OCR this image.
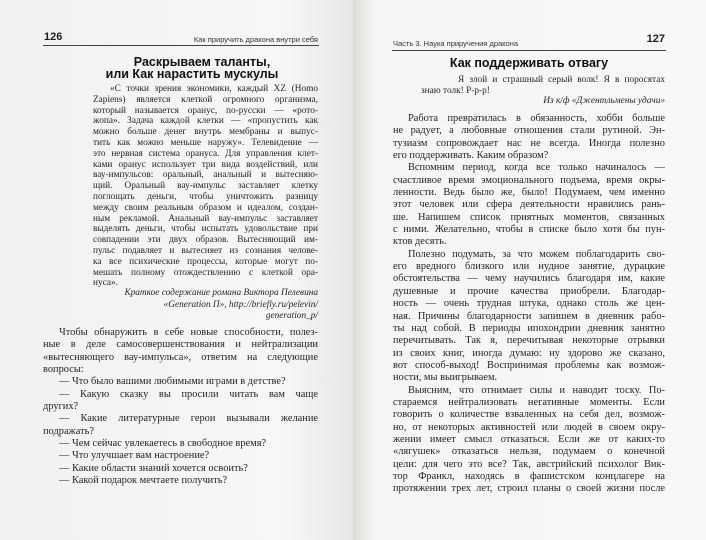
126	Как приручить дракона внутри себя
Раскрываем таланты,
или Как нарастить мускулы
«С точки зрения экономики, каждый XZ (Homo
Zapiens) является клеткой огромного организма,
который называется оранус, по-русски — «рото-
жопа». Задача каждой клетки — «пропустить как
можно больше денег внутрь мембраны и выпус-
тить как можно меньше наружу». Телевидение —
это нервная система орануса. Для управления клет-
ками оранус использует три вида воздействий, или
вау-импульсов: оральный, анальный и вытесняю-
щий. Оральный вау-импульс заставляет клетку
поглощать деньги, чтобы уничтожить разницу
между своим реальным образом и идеалом, создан-
ным рекламой. Анальный вау-импульс заставляет
выделять деньги, чтобы испытать удовольствие при
совпадении эти двух образов. Вытесняющий им-
пульс подавляет и вытесняет из сознания челове-
ка все психические процессы, которые могут по-
мешать полному отождествлению с клеткой ора-
нуса».
Краткое содержание романа Виктора Пелевина
«Generation П», http://briefly.ru/pelevin/
generation_p/
Чтобы обнаружить в себе новые способности, полез-
ные в деле самосовершенствования и нейтрализации
«вытесняющего вау-импульса», ответим на следующие
вопросы:
— Что было вашими любимыми играми в детстве?
— Какую сказку вы просили читать вам чаще
других?
— Какие литературные герои вызывали желание
подражать?
— Чем сейчас увлекаетесь в свободное время?
— Что улучшает вам настроение?
— Какие области знаний хочется освоить?
— Какой подарок мечтаете получить?
Часть 3. Наука приручения дракона	127
Как поддерживать отвагу
Я злой и страшный серый волк! Я в поросятах
знаю толк! Р-р-р!
Из к/ф «Джентльмены удачи»
Работа превратилась в обязанность, хобби больше
не радует, а любовные отношения стали рутиной. Эн-
тузиазм сопровождает нас не всегда. Иногда полезно
его поддерживать. Каким образом?
Вспомним период, когда все только начиналось —
счастливое время эмоционального подъема, время окры-
ленности. Ведь было же, было! Подумаем, чем именно
этот человек или сфера деятельности нравились рань-
ше. Напишем список приятных моментов, связанных
с ними. Желательно, чтобы в списке было хотя бы пун-
ктов десять.
Полезно подумать, за что можем поблагодарить сво-
его вредного близкого или нудное занятие, дурацкие
обстоятельства — чему научились благодаря им, какие
душевные и прочие качества приобрели. Благодар-
ность — очень трудная штука, однако столь же цен-
ная. Причины благодарности запишем в дневник рабо-
ты над собой. В периоды ипохондрии дневник занятно
перечитывать. Так я, перечитывая некоторые отрывки
из своих книг, иногда думаю: ну здорово же сказано,
вот способ-выход! Воспринимая проблемы как возмож-
ности, мы выигрываем.
Выясним, что отнимает силы и наводит тоску. По-
стараемся нейтрализовать негативные моменты. Если
говорить о количестве взваленных на себя дел, возмож-
но, от некоторых активностей или людей в своем окру-
жении имеет смысл отказаться. Если же от каких-то
«лягушек» отказаться нельзя, подумаем о конечной
цели: для чего это все? Так, австрийский психолог Вик-
тор Франкл, находясь в фашистском концлагере на
протяжении трех лет, строил планы о своей жизни после
